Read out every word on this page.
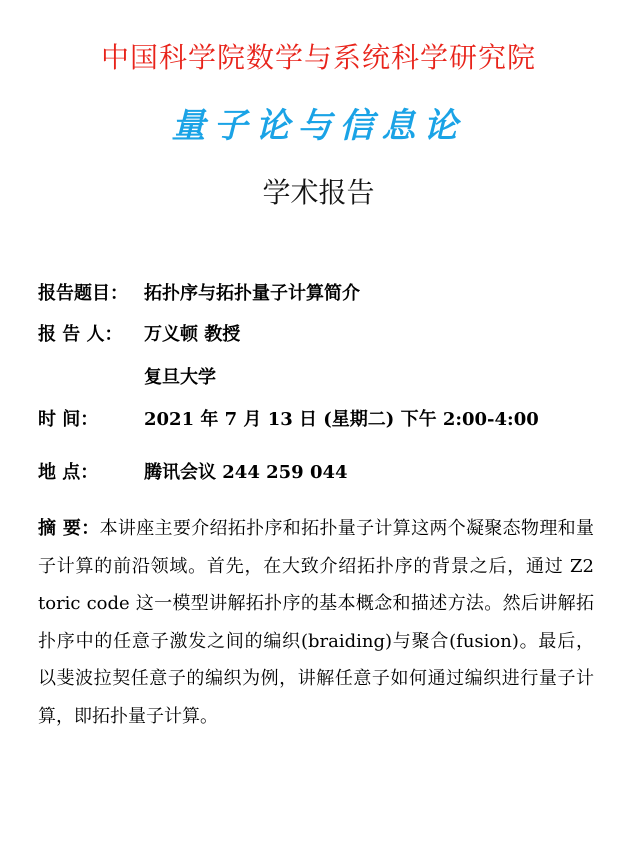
中国科学院数学与系统科学研究院
量子论与信息论
学术报告
报告题目： 拓扑序与拓扑量子计算简介
报 告 人： 万义顿 教授
复旦大学
时 间：	2021 年 7 月 13 日 (星期二) 下午 2:00-4:00
地 点：	腾讯会议 244 259 044
摘 要：本讲座主要介绍拓扑序和拓扑量子计算这两个凝聚态物理和量子计算的前沿领域。首先，在大致介绍拓扑序的背景之后，通过 Z2 toric code 这一模型讲解拓扑序的基本概念和描述方法。然后讲解拓扑序中的任意子激发之间的编织(braiding)与聚合(fusion)。最后，以斐波拉契任意子的编织为例，讲解任意子如何通过编织进行量子计算，即拓扑量子计算。
